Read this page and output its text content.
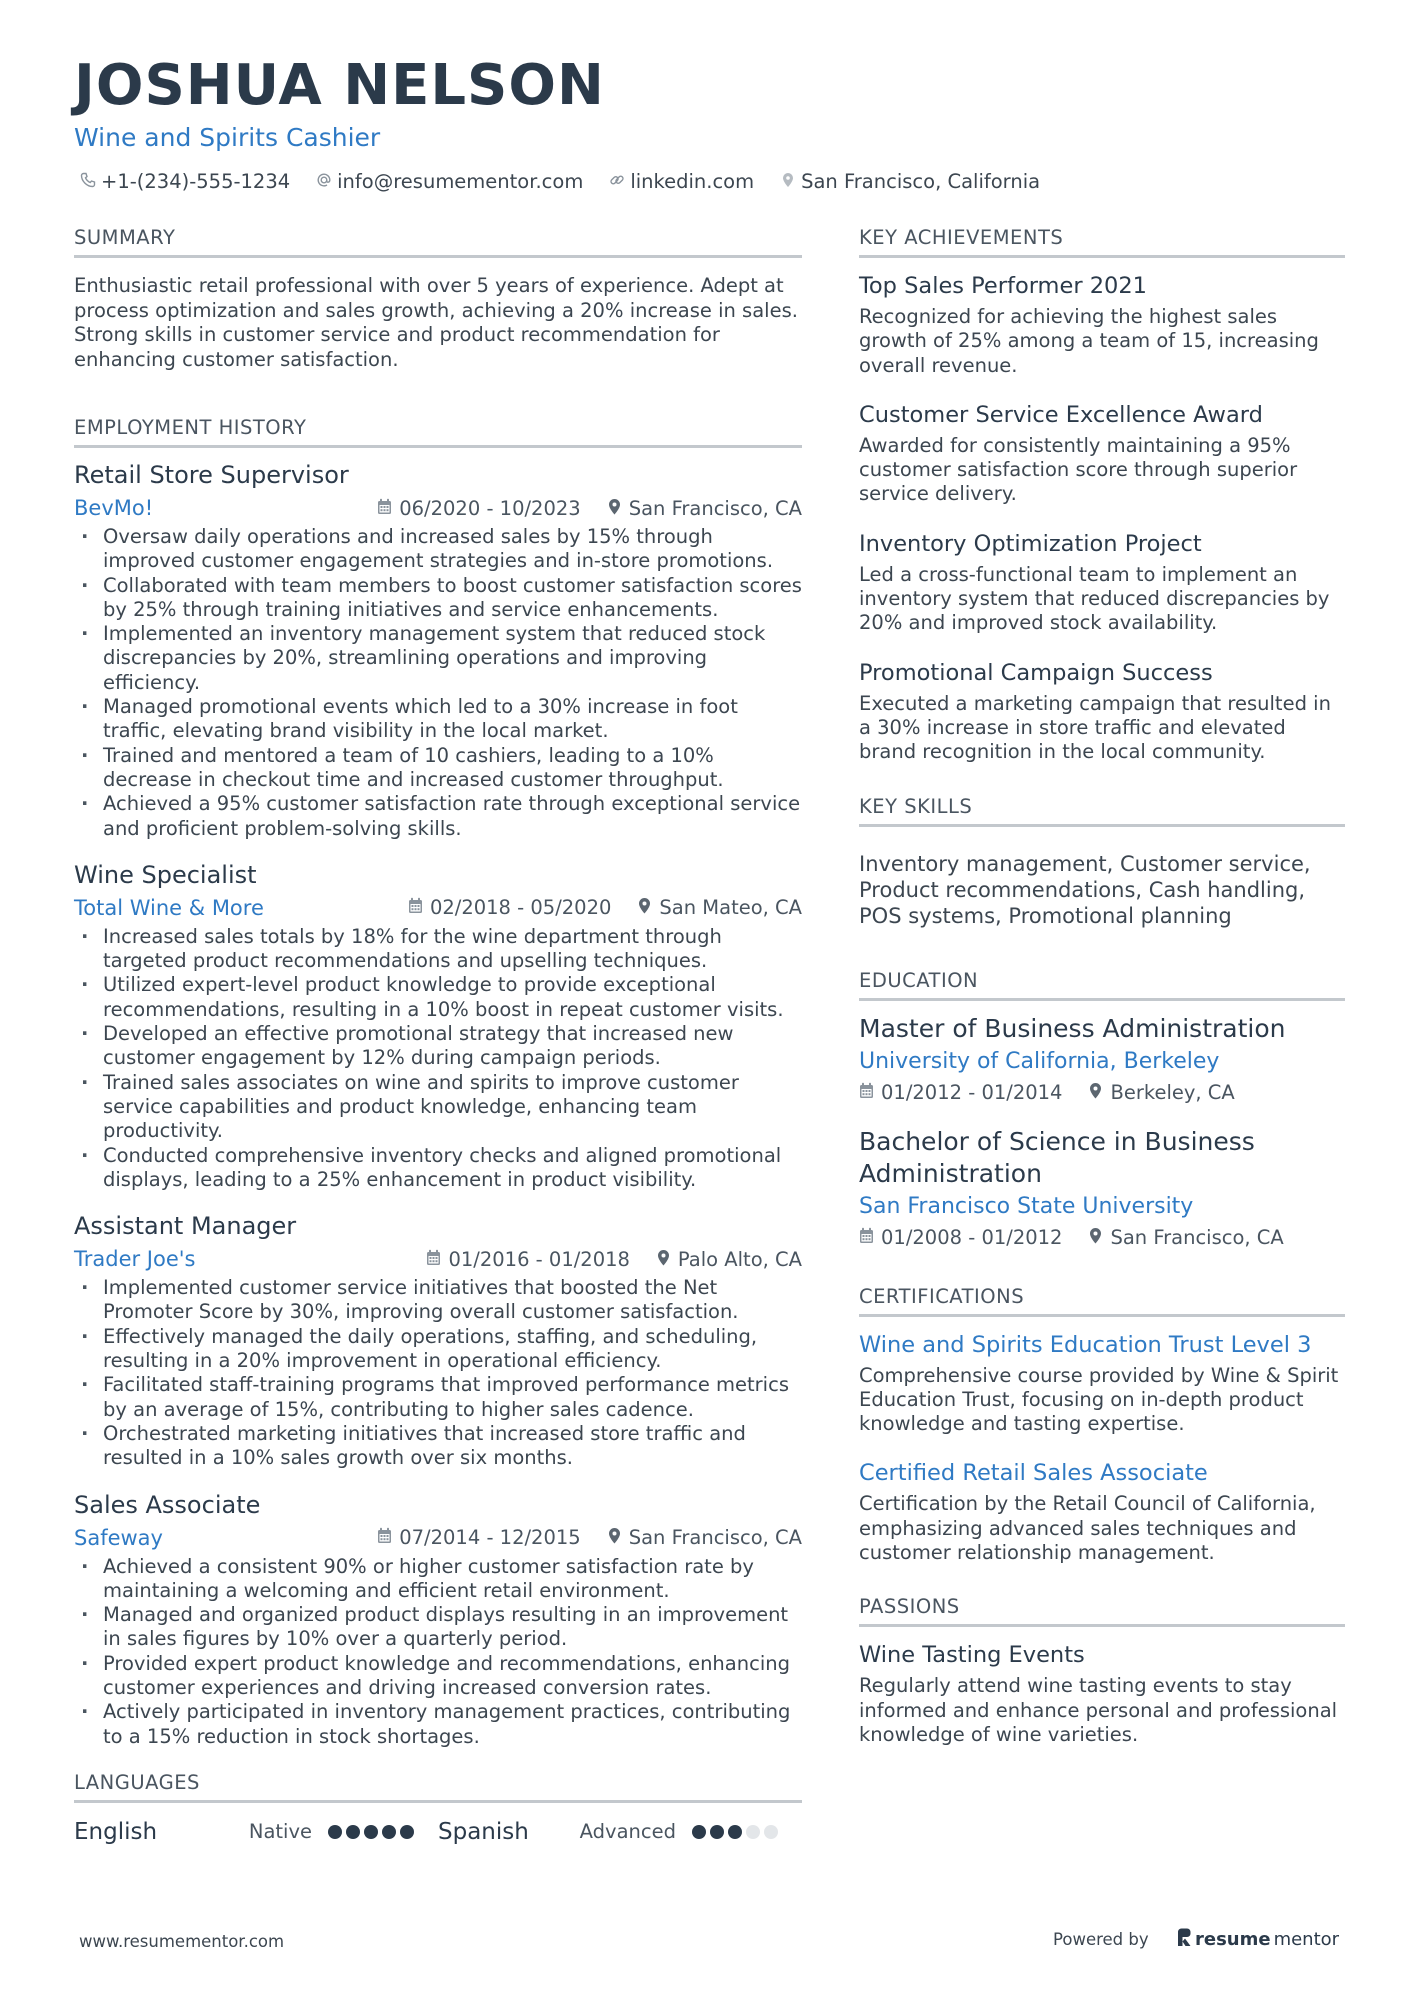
JOSHUA NELSON
Wine and Spirits Cashier
+1-(234)-555-1234 info@resumementor.com linkedin.com San Francisco, California
SUMMARY
Enthusiastic retail professional with over 5 years of experience. Adept at process optimization and sales growth, achieving a 20% increase in sales. Strong skills in customer service and product recommendation for enhancing customer satisfaction.
EMPLOYMENT HISTORY
Retail Store Supervisor
BevMo!	06/2020 - 10/2023 San Francisco, CA
· Oversaw daily operations and increased sales by 15% through improved customer engagement strategies and in-store promotions.
· Collaborated with team members to boost customer satisfaction scores by 25% through training initiatives and service enhancements.
· Implemented an inventory management system that reduced stock discrepancies by 20%, streamlining operations and improving efficiency.
· Managed promotional events which led to a 30% increase in foot traffic, elevating brand visibility in the local market.
· Trained and mentored a team of 10 cashiers, leading to a 10% decrease in checkout time and increased customer throughput.
· Achieved a 95% customer satisfaction rate through exceptional service and proficient problem-solving skills.
Wine Specialist
Total Wine & More	02/2018 - 05/2020 San Mateo, CA
· Increased sales totals by 18% for the wine department through targeted product recommendations and upselling techniques.
· Utilized expert-level product knowledge to provide exceptional recommendations, resulting in a 10% boost in repeat customer visits.
· Developed an effective promotional strategy that increased new customer engagement by 12% during campaign periods.
· Trained sales associates on wine and spirits to improve customer service capabilities and product knowledge, enhancing team productivity.
· Conducted comprehensive inventory checks and aligned promotional displays, leading to a 25% enhancement in product visibility.
Assistant Manager
Trader Joe's	01/2016 - 01/2018 Palo Alto, CA
· Implemented customer service initiatives that boosted the Net Promoter Score by 30%, improving overall customer satisfaction.
· Effectively managed the daily operations, staffing, and scheduling, resulting in a 20% improvement in operational efficiency.
· Facilitated staff-training programs that improved performance metrics by an average of 15%, contributing to higher sales cadence.
· Orchestrated marketing initiatives that increased store traffic and resulted in a 10% sales growth over six months.
Sales Associate
Safeway	07/2014 - 12/2015 San Francisco, CA
· Achieved a consistent 90% or higher customer satisfaction rate by maintaining a welcoming and efficient retail environment.
· Managed and organized product displays resulting in an improvement in sales figures by 10% over a quarterly period.
· Provided expert product knowledge and recommendations, enhancing customer experiences and driving increased conversion rates.
· Actively participated in inventory management practices, contributing to a 15% reduction in stock shortages.
LANGUAGES
English	Native	Spanish	Advanced
KEY ACHIEVEMENTS
Top Sales Performer 2021
Recognized for achieving the highest sales growth of 25% among a team of 15, increasing overall revenue.
Customer Service Excellence Award
Awarded for consistently maintaining a 95% customer satisfaction score through superior service delivery.
Inventory Optimization Project
Led a cross-functional team to implement an inventory system that reduced discrepancies by 20% and improved stock availability.
Promotional Campaign Success
Executed a marketing campaign that resulted in a 30% increase in store traffic and elevated brand recognition in the local community.
KEY SKILLS
Inventory management, Customer service, Product recommendations, Cash handling, POS systems, Promotional planning
EDUCATION
Master of Business Administration
University of California, Berkeley
01/2012 - 01/2014 Berkeley, CA
Bachelor of Science in Business Administration
San Francisco State University
01/2008 - 01/2012 San Francisco, CA
CERTIFICATIONS
Wine and Spirits Education Trust Level 3
Comprehensive course provided by Wine & Spirit Education Trust, focusing on in-depth product knowledge and tasting expertise.
Certified Retail Sales Associate
Certification by the Retail Council of California, emphasizing advanced sales techniques and customer relationship management.
PASSIONS
Wine Tasting Events
Regularly attend wine tasting events to stay informed and enhance personal and professional knowledge of wine varieties.
www.resumementor.com	Powered by	resume mentor
